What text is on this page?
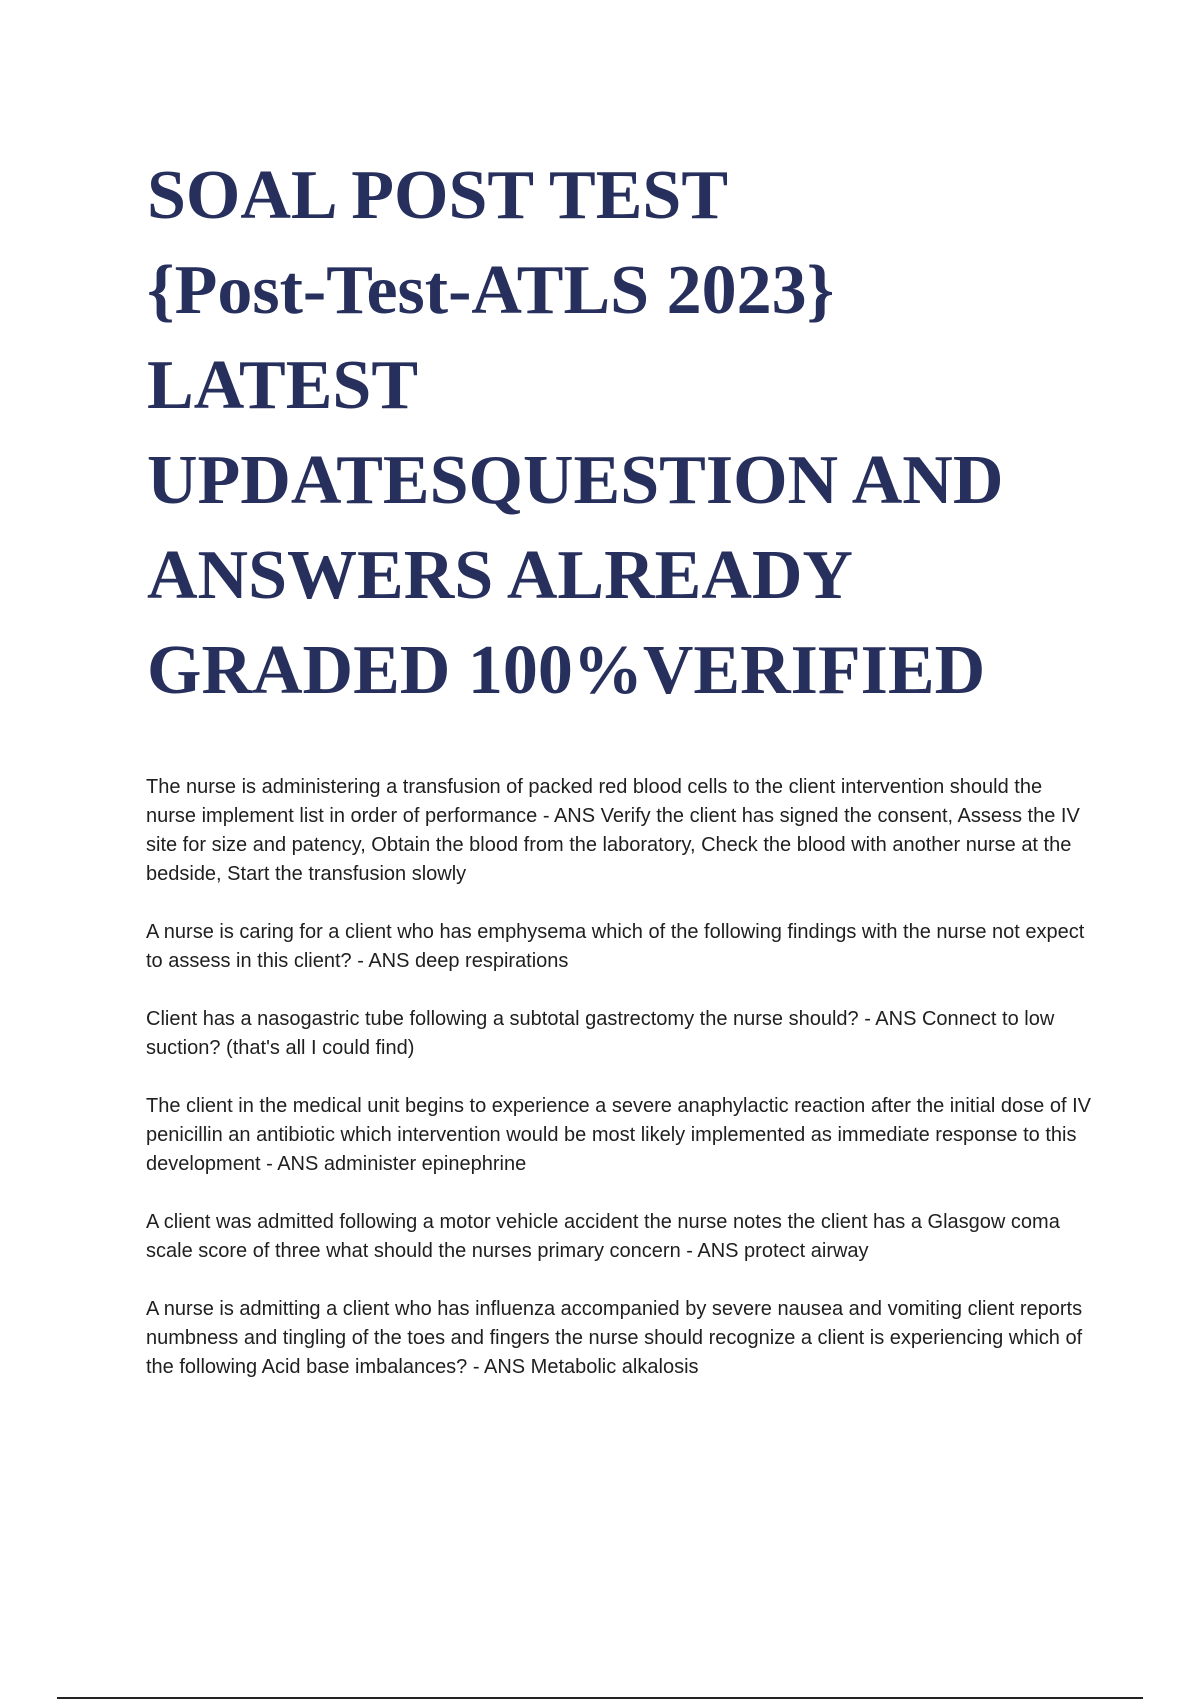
SOAL POST TEST
{Post-Test-ATLS 2023}
LATEST
UPDATESQUESTION AND
ANSWERS ALREADY
GRADED 100%VERIFIED

The nurse is administering a transfusion of packed red blood cells to the client intervention should the nurse implement list in order of performance - ANS Verify the client has signed the consent, Assess the IV site for size and patency, Obtain the blood from the laboratory, Check the blood with another nurse at the bedside, Start the transfusion slowly

A nurse is caring for a client who has emphysema which of the following findings with the nurse not expect to assess in this client? - ANS deep respirations

Client has a nasogastric tube following a subtotal gastrectomy the nurse should? - ANS Connect to low suction? (that's all I could find)

The client in the medical unit begins to experience a severe anaphylactic reaction after the initial dose of IV penicillin an antibiotic which intervention would be most likely implemented as immediate response to this development - ANS administer epinephrine

A client was admitted following a motor vehicle accident the nurse notes the client has a Glasgow coma scale score of three what should the nurses primary concern - ANS protect airway

A nurse is admitting a client who has influenza accompanied by severe nausea and vomiting client reports numbness and tingling of the toes and fingers the nurse should recognize a client is experiencing which of the following Acid base imbalances? - ANS Metabolic alkalosis
